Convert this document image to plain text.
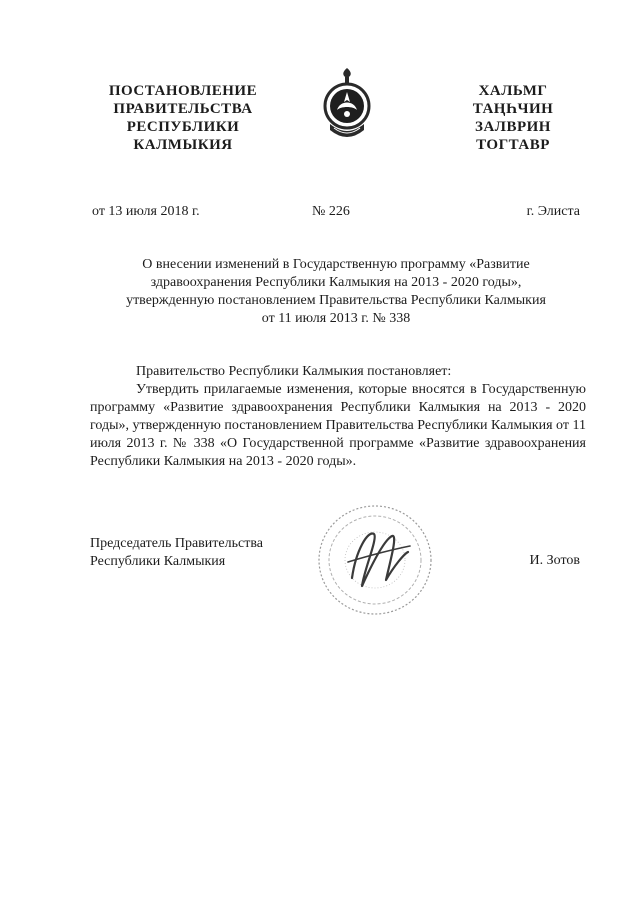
ПОСТАНОВЛЕНИЕ
ПРАВИТЕЛЬСТВА
РЕСПУБЛИКИ
КАЛМЫКИЯ
ХАЛЬМГ
ТАҢҺЧИН
ЗАЛВРИН
ТОГТАВР
от 13 июля 2018 г.	№ 226	г. Элиста
О внесении изменений в Государственную программу «Развитие
здравоохранения Республики Калмыкия на 2013 - 2020 годы»,
утвержденную постановлением Правительства Республики Калмыкия
от 11 июля 2013 г. № 338
Правительство Республики Калмыкия постановляет:
Утвердить прилагаемые изменения, которые вносятся в Государственную программу «Развитие здравоохранения Республики Калмыкия на 2013 - 2020 годы», утвержденную постановлением Правительства Республики Калмыкия от 11 июля 2013 г. № 338 «О Государственной программе «Развитие здравоохранения Республики Калмыкия на 2013 - 2020 годы».
Председатель Правительства
Республики Калмыкия	И. Зотов
